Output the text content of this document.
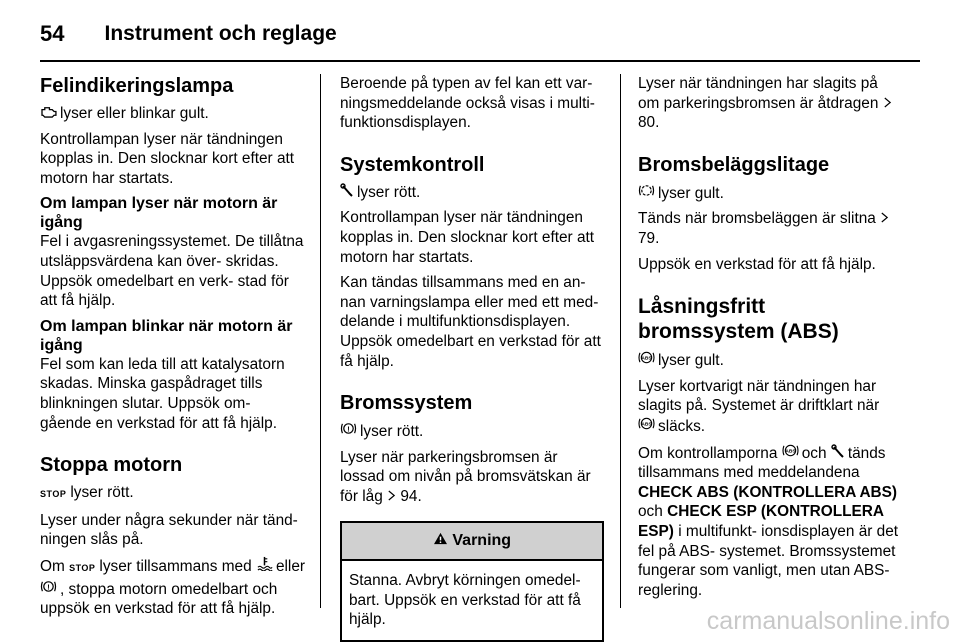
54 Instrument och reglage
Felindikeringslampa
lyser eller blinkar gult.
Kontrollampan lyser när tändningen kopplas in. Den slocknar kort efter att motorn har startats.
Om lampan lyser när motorn är igång
Fel i avgasreningssystemet. De tillåtna utsläppsvärdena kan över- skridas. Uppsök omedelbart en verk- stad för att få hjälp.
Om lampan blinkar när motorn är igång
Fel som kan leda till att katalysatorn skadas. Minska gaspådraget tills blinkningen slutar. Uppsök om- gående en verkstad för att få hjälp.
Stoppa motorn
STOP lyser rött.
Lyser under några sekunder när tänd- ningen slås på.
Om STOP lyser tillsammans med eller , stoppa motorn omedelbart och uppsök en verkstad för att få hjälp.
Beroende på typen av fel kan ett var- ningsmeddelande också visas i multi- funktionsdisplayen.
Systemkontroll
lyser rött.
Kontrollampan lyser när tändningen kopplas in. Den slocknar kort efter att motorn har startats.
Kan tändas tillsammans med en an- nan varningslampa eller med ett med- delande i multifunktionsdisplayen. Uppsök omedelbart en verkstad för att få hjälp.
Bromssystem
lyser rött.
Lyser när parkeringsbromsen är lossad om nivån på bromsvätskan är för låg 94.
Varning
Stanna. Avbryt körningen omedel- bart. Uppsök en verkstad för att få hjälp.
Lyser när tändningen har slagits på om parkeringsbromsen är åtdragen  80.
Bromsbeläggslitage
lyser gult.
Tänds när bromsbeläggen är slitna  79.
Uppsök en verkstad för att få hjälp.
Låsningsfritt bromssystem (ABS)
lyser gult.
Lyser kortvarigt när tändningen har slagits på. Systemet är driftklart när släcks.
Om kontrollamporna och tänds tillsammans med meddelandena CHECK ABS (KONTROLLERA ABS) och CHECK ESP (KONTROLLERA ESP) i multifunkt- ionsdisplayen är det fel på ABS- systemet. Bromssystemet fungerar som vanligt, men utan ABS- reglering.
carmanualsonline.info
